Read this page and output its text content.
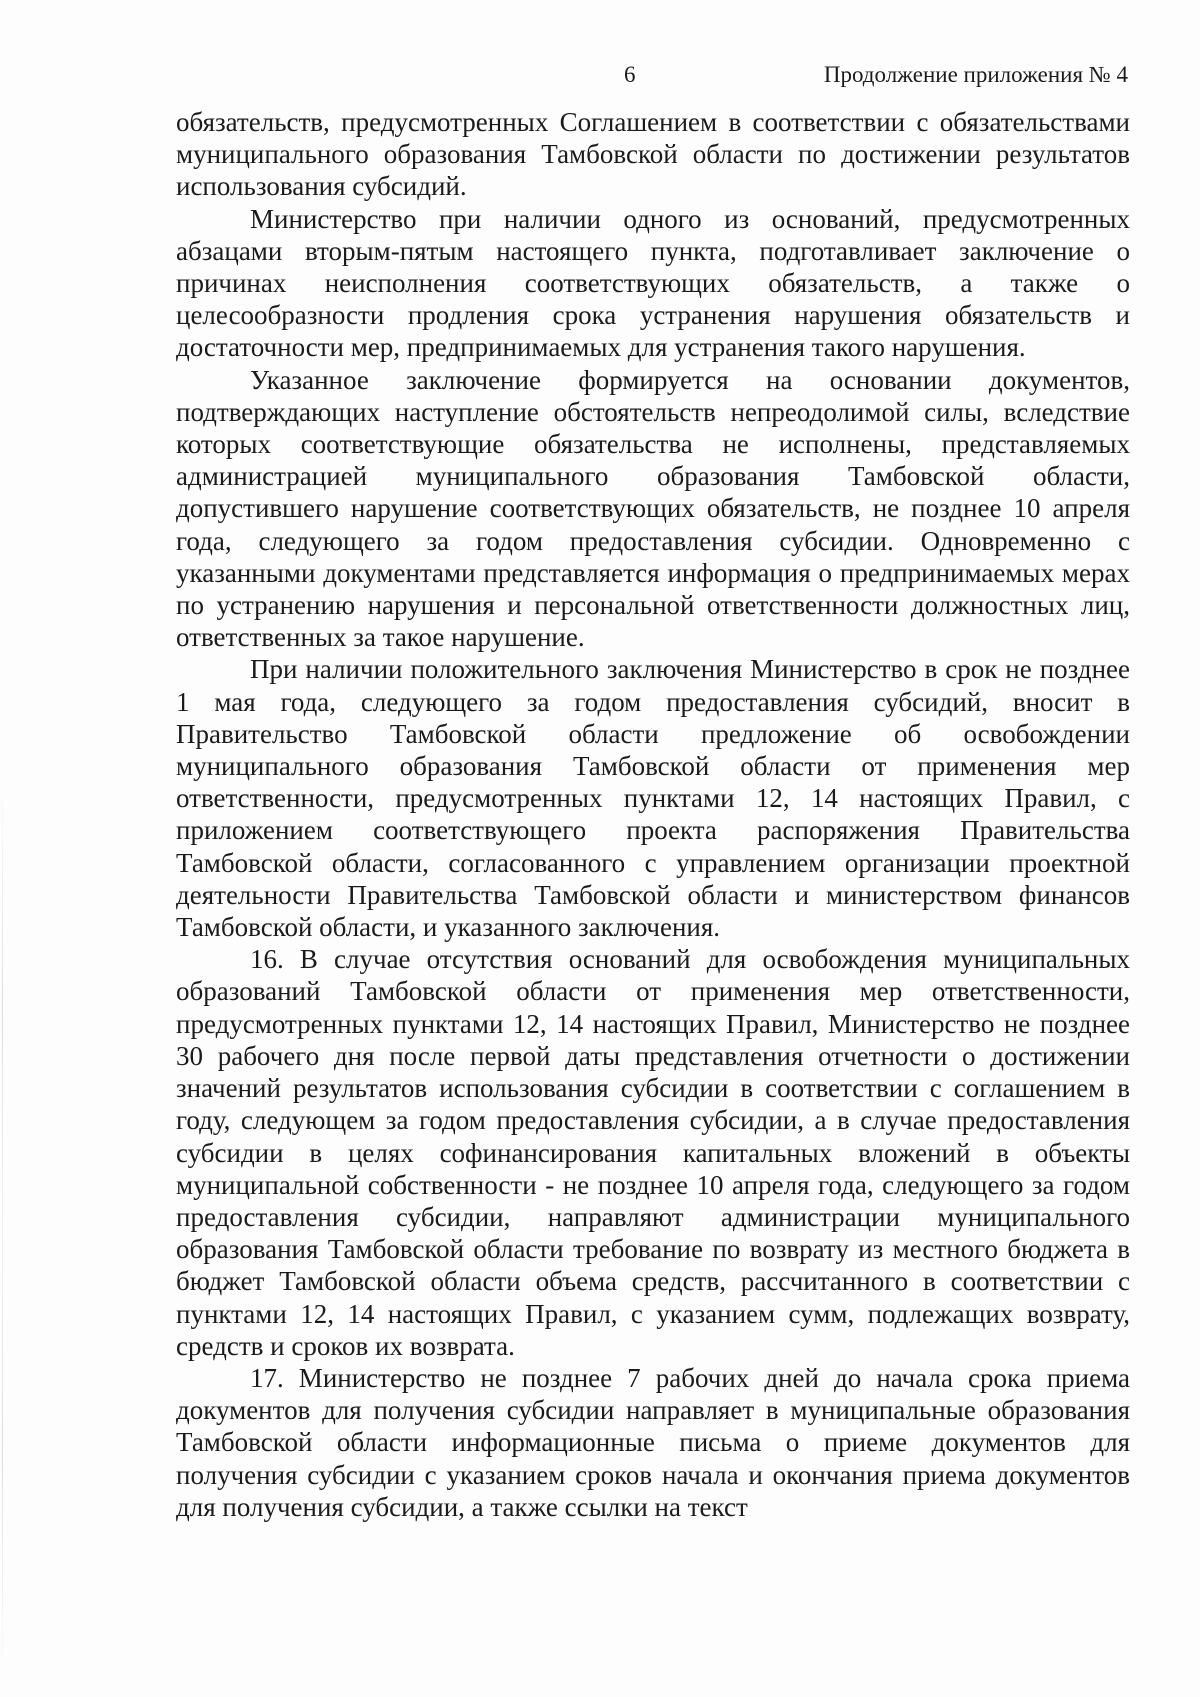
6	Продолжение приложения № 4

обязательств, предусмотренных Соглашением в соответствии с обязательствами муниципального образования Тамбовской области по достижении результатов использования субсидий.

Министерство при наличии одного из оснований, предусмотренных абзацами вторым-пятым настоящего пункта, подготавливает заключение о причинах неисполнения соответствующих обязательств, а также о целесообразности продления срока устранения нарушения обязательств и достаточности мер, предпринимаемых для устранения такого нарушения.

Указанное заключение формируется на основании документов, подтверждающих наступление обстоятельств непреодолимой силы, вследствие которых соответствующие обязательства не исполнены, представляемых администрацией муниципального образования Тамбовской области, допустившего нарушение соответствующих обязательств, не позднее 10 апреля года, следующего за годом предоставления субсидии. Одновременно с указанными документами представляется информация о предпринимаемых мерах по устранению нарушения и персональной ответственности должностных лиц, ответственных за такое нарушение.

При наличии положительного заключения Министерство в срок не позднее 1 мая года, следующего за годом предоставления субсидий, вносит в Правительство Тамбовской области предложение об освобождении муниципального образования Тамбовской области от применения мер ответственности, предусмотренных пунктами 12, 14 настоящих Правил, с приложением соответствующего проекта распоряжения Правительства Тамбовской области, согласованного с управлением организации проектной деятельности Правительства Тамбовской области и министерством финансов Тамбовской области, и указанного заключения.

16. В случае отсутствия оснований для освобождения муниципальных образований Тамбовской области от применения мер ответственности, предусмотренных пунктами 12, 14 настоящих Правил, Министерство не позднее 30 рабочего дня после первой даты представления отчетности о достижении значений результатов использования субсидии в соответствии с соглашением в году, следующем за годом предоставления субсидии, а в случае предоставления субсидии в целях софинансирования капитальных вложений в объекты муниципальной собственности - не позднее 10 апреля года, следующего за годом предоставления субсидии, направляют администрации муниципального образования Тамбовской области требование по возврату из местного бюджета в бюджет Тамбовской области объема средств, рассчитанного в соответствии с пунктами 12, 14 настоящих Правил, с указанием сумм, подлежащих возврату, средств и сроков их возврата.

17. Министерство не позднее 7 рабочих дней до начала срока приема документов для получения субсидии направляет в муниципальные образования Тамбовской области информационные письма о приеме документов для получения субсидии с указанием сроков начала и окончания приема документов для получения субсидии, а также ссылки на текст
